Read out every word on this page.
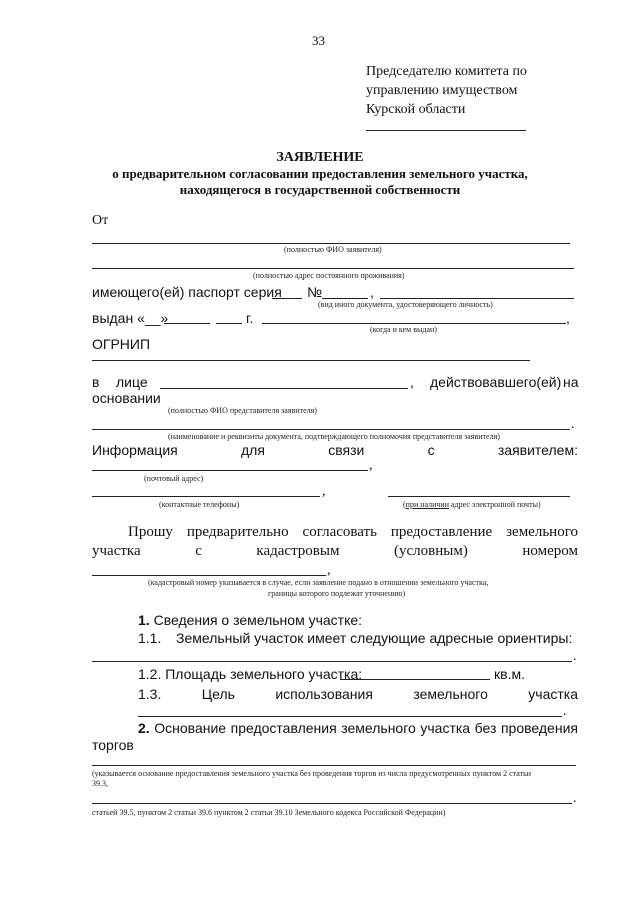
33
Председателю комитета по
управлению имуществом
Курской области
ЗАЯВЛЕНИЕ
о предварительном согласовании предоставления земельного участка,
находящегося в государственной собственности
От
(полностью ФИО заявителя)
(полностью адрес постоянного проживания)
имеющего(ей) паспорт серия №	,
(вид иного документа, удостоверяющего личность)
выдан «__»	г.	,
(когда и кем выдан)
ОГРНИП
в лице	, действовавшего(ей) на
основании
(полностью ФИО представителя заявителя)
.
(наименование и реквизиты документа, подтверждающего полномочия представителя заявителя)
Информация	для	связи	с	заявителем:
,
(почтовый адрес)
,
(контактные телефоны)	(при наличии адрес электронной почты)
Прошу предварительно согласовать предоставление земельного
участка	с	кадастровым	(условным)	номером
,
(кадастровый номер указывается в случае, если заявление подано в отношении земельного участка,
границы которого подлежат уточнению)
1. Сведения о земельном участке:
1.1. Земельный участок имеет следующие адресные ориентиры:
.
1.2. Площадь земельного участка:	кв.м.
1.3.	Цель	использования	земельного	участка
.
2. Основание предоставления земельного участка без проведения
торгов
(указывается основание предоставления земельного участка без проведения торгов из числа предусмотренных пунктом 2 статьи
39.3,
.
статьей 39.5, пунктом 2 статьи 39.6 пунктом 2 статьи 39.10 Земельного кодекса Российской Федерации)
